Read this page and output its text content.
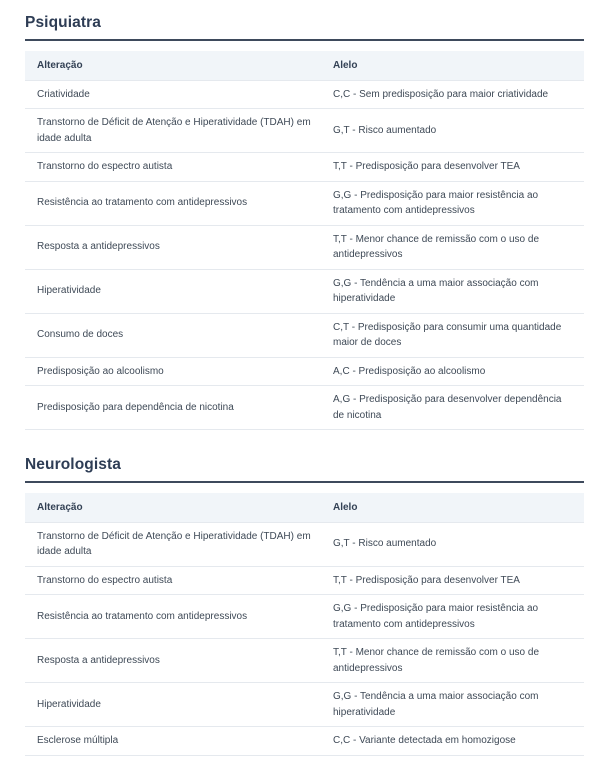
Psiquiatra
Alteração	Alelo
Criatividade	C,C - Sem predisposição para maior criatividade
Transtorno de Déficit de Atenção e Hiperatividade (TDAH) em idade adulta	G,T - Risco aumentado
Transtorno do espectro autista	T,T - Predisposição para desenvolver TEA
Resistência ao tratamento com antidepressivos	G,G - Predisposição para maior resistência ao tratamento com antidepressivos
Resposta a antidepressivos	T,T - Menor chance de remissão com o uso de antidepressivos
Hiperatividade	G,G - Tendência a uma maior associação com hiperatividade
Consumo de doces	C,T - Predisposição para consumir uma quantidade maior de doces
Predisposição ao alcoolismo	A,C - Predisposição ao alcoolismo
Predisposição para dependência de nicotina	A,G - Predisposição para desenvolver dependência de nicotina
Neurologista
Alteração	Alelo
Transtorno de Déficit de Atenção e Hiperatividade (TDAH) em idade adulta	G,T - Risco aumentado
Transtorno do espectro autista	T,T - Predisposição para desenvolver TEA
Resistência ao tratamento com antidepressivos	G,G - Predisposição para maior resistência ao tratamento com antidepressivos
Resposta a antidepressivos	T,T - Menor chance de remissão com o uso de antidepressivos
Hiperatividade	G,G - Tendência a uma maior associação com hiperatividade
Esclerose múltipla	C,C - Variante detectada em homozigose
